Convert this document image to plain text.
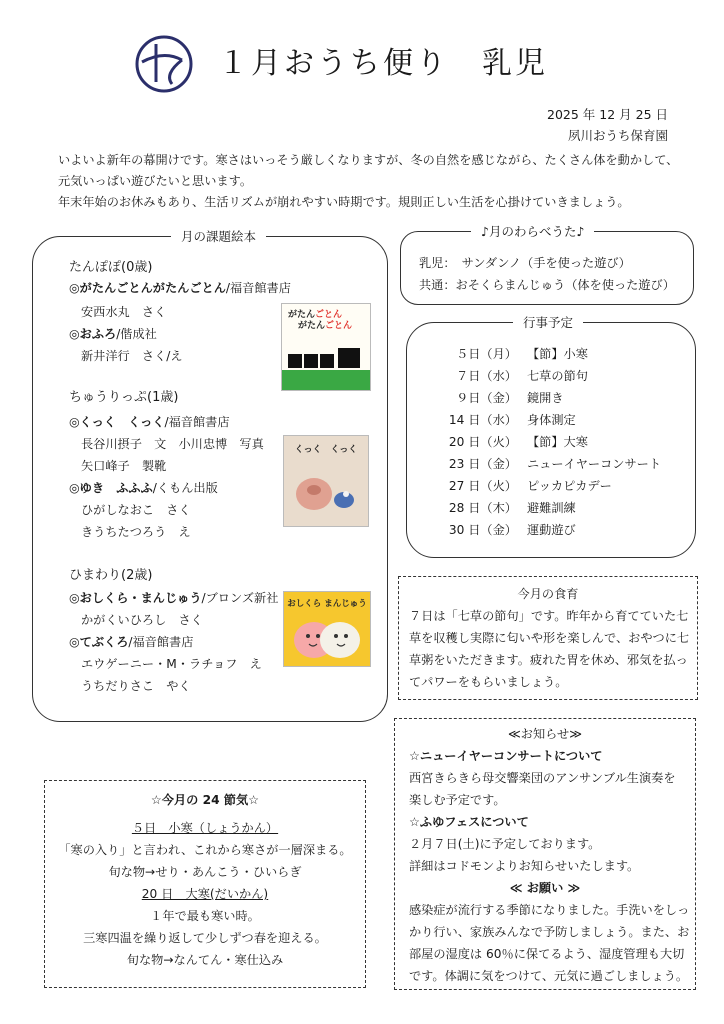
１月おうち便り　乳児
2025 年 12 月 25 日
夙川おうち保育園
いよいよ新年の幕開けです。寒さはいっそう厳しくなりますが、冬の自然を感じながら、たくさん体を動かして、
元気いっぱい遊びたいと思います。
年末年始のお休みもあり、生活リズムが崩れやすい時期です。規則正しい生活を心掛けていきましょう。
月の課題絵本
たんぽぽ(0歳)
◎がたんごとんがたんごとん/福音館書店
安西水丸　さく
◎おふろ/偕成社
新井洋行　さく/え
ちゅうりっぷ(1歳)
◎くっく　くっく/福音館書店
長谷川摂子　文　小川忠博　写真
矢口峰子　製靴
◎ゆき　ふふふ/くもん出版
ひがしなおこ　さく
きうちたつろう　え
ひまわり(2歳)
◎おしくら・まんじゅう/ブロンズ新社
かがくいひろし　さく
◎てぶくろ/福音館書店
エウゲーニー・M・ラチョフ　え
うちだりさこ　やく
がたんごとん
がたんごとん
くっく　くっく
おしくら まんじゅう
♪月のわらべうた♪
乳児：　サンダンノ（手を使った遊び）
共通：おそくらまんじゅう（体を使った遊び）
行事予定
５日（月） 【節】小寒
７日（水） 七草の節句
９日（金） 鏡開き
14 日（水） 身体測定
20 日（火） 【節】大寒
23 日（金） ニューイヤーコンサート
27 日（火） ピッカピカデー
28 日（木） 避難訓練
30 日（金） 運動遊び
今月の食育
７日は「七草の節句」です。昨年から育てていた七
草を収穫し実際に匂いや形を楽しんで、おやつに七
草粥をいただきます。疲れた胃を休め、邪気を払っ
てパワーをもらいましょう。
≪お知らせ≫
☆ニューイヤーコンサートについて
西宮きらきら母交響楽団のアンサンブル生演奏を
楽しむ予定です。
☆ふゆフェスについて
２月７日(土)に予定しております。
詳細はコドモンよりお知らせいたします。
≪ お願い ≫
感染症が流行する季節になりました。手洗いをしっ
かり行い、家族みんなで予防しましょう。また、お
部屋の湿度は 60％に保てるよう、湿度管理も大切
です。体調に気をつけて、元気に過ごしましょう。
☆今月の 24 節気☆
５日　小寒（しょうかん）
「寒の入り」と言われ、これから寒さが一層深まる。
旬な物→せり・あんこう・ひいらぎ
20 日　大寒(だいかん)
１年で最も寒い時。
三寒四温を繰り返して少しずつ春を迎える。
旬な物→なんてん・寒仕込み
